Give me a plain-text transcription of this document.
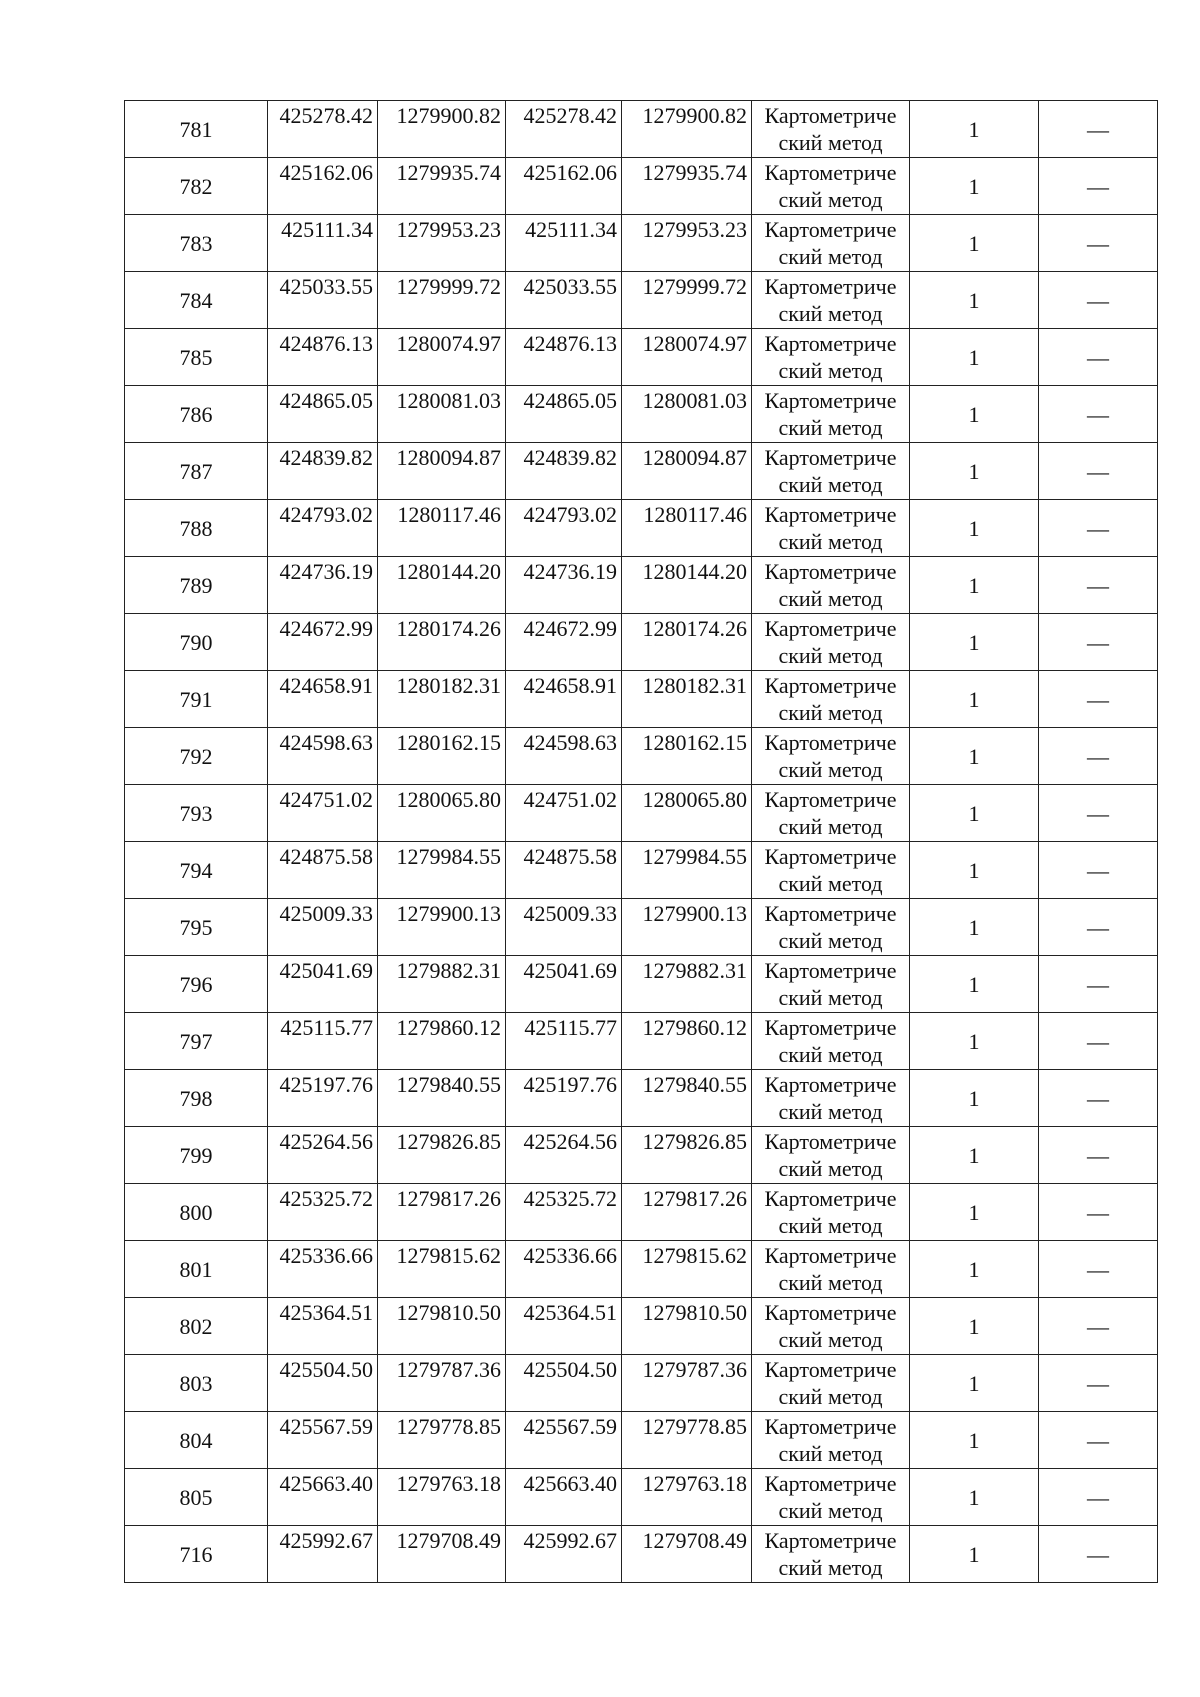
781	425278.42	1279900.82	425278.42	1279900.82	Картометриче
ский метод	1	—
782	425162.06	1279935.74	425162.06	1279935.74	Картометриче
ский метод	1	—
783	425111.34	1279953.23	425111.34	1279953.23	Картометриче
ский метод	1	—
784	425033.55	1279999.72	425033.55	1279999.72	Картометриче
ский метод	1	—
785	424876.13	1280074.97	424876.13	1280074.97	Картометриче
ский метод	1	—
786	424865.05	1280081.03	424865.05	1280081.03	Картометриче
ский метод	1	—
787	424839.82	1280094.87	424839.82	1280094.87	Картометриче
ский метод	1	—
788	424793.02	1280117.46	424793.02	1280117.46	Картометриче
ский метод	1	—
789	424736.19	1280144.20	424736.19	1280144.20	Картометриче
ский метод	1	—
790	424672.99	1280174.26	424672.99	1280174.26	Картометриче
ский метод	1	—
791	424658.91	1280182.31	424658.91	1280182.31	Картометриче
ский метод	1	—
792	424598.63	1280162.15	424598.63	1280162.15	Картометриче
ский метод	1	—
793	424751.02	1280065.80	424751.02	1280065.80	Картометриче
ский метод	1	—
794	424875.58	1279984.55	424875.58	1279984.55	Картометриче
ский метод	1	—
795	425009.33	1279900.13	425009.33	1279900.13	Картометриче
ский метод	1	—
796	425041.69	1279882.31	425041.69	1279882.31	Картометриче
ский метод	1	—
797	425115.77	1279860.12	425115.77	1279860.12	Картометриче
ский метод	1	—
798	425197.76	1279840.55	425197.76	1279840.55	Картометриче
ский метод	1	—
799	425264.56	1279826.85	425264.56	1279826.85	Картометриче
ский метод	1	—
800	425325.72	1279817.26	425325.72	1279817.26	Картометриче
ский метод	1	—
801	425336.66	1279815.62	425336.66	1279815.62	Картометриче
ский метод	1	—
802	425364.51	1279810.50	425364.51	1279810.50	Картометриче
ский метод	1	—
803	425504.50	1279787.36	425504.50	1279787.36	Картометриче
ский метод	1	—
804	425567.59	1279778.85	425567.59	1279778.85	Картометриче
ский метод	1	—
805	425663.40	1279763.18	425663.40	1279763.18	Картометриче
ский метод	1	—
716	425992.67	1279708.49	425992.67	1279708.49	Картометриче
ский метод	1	—
